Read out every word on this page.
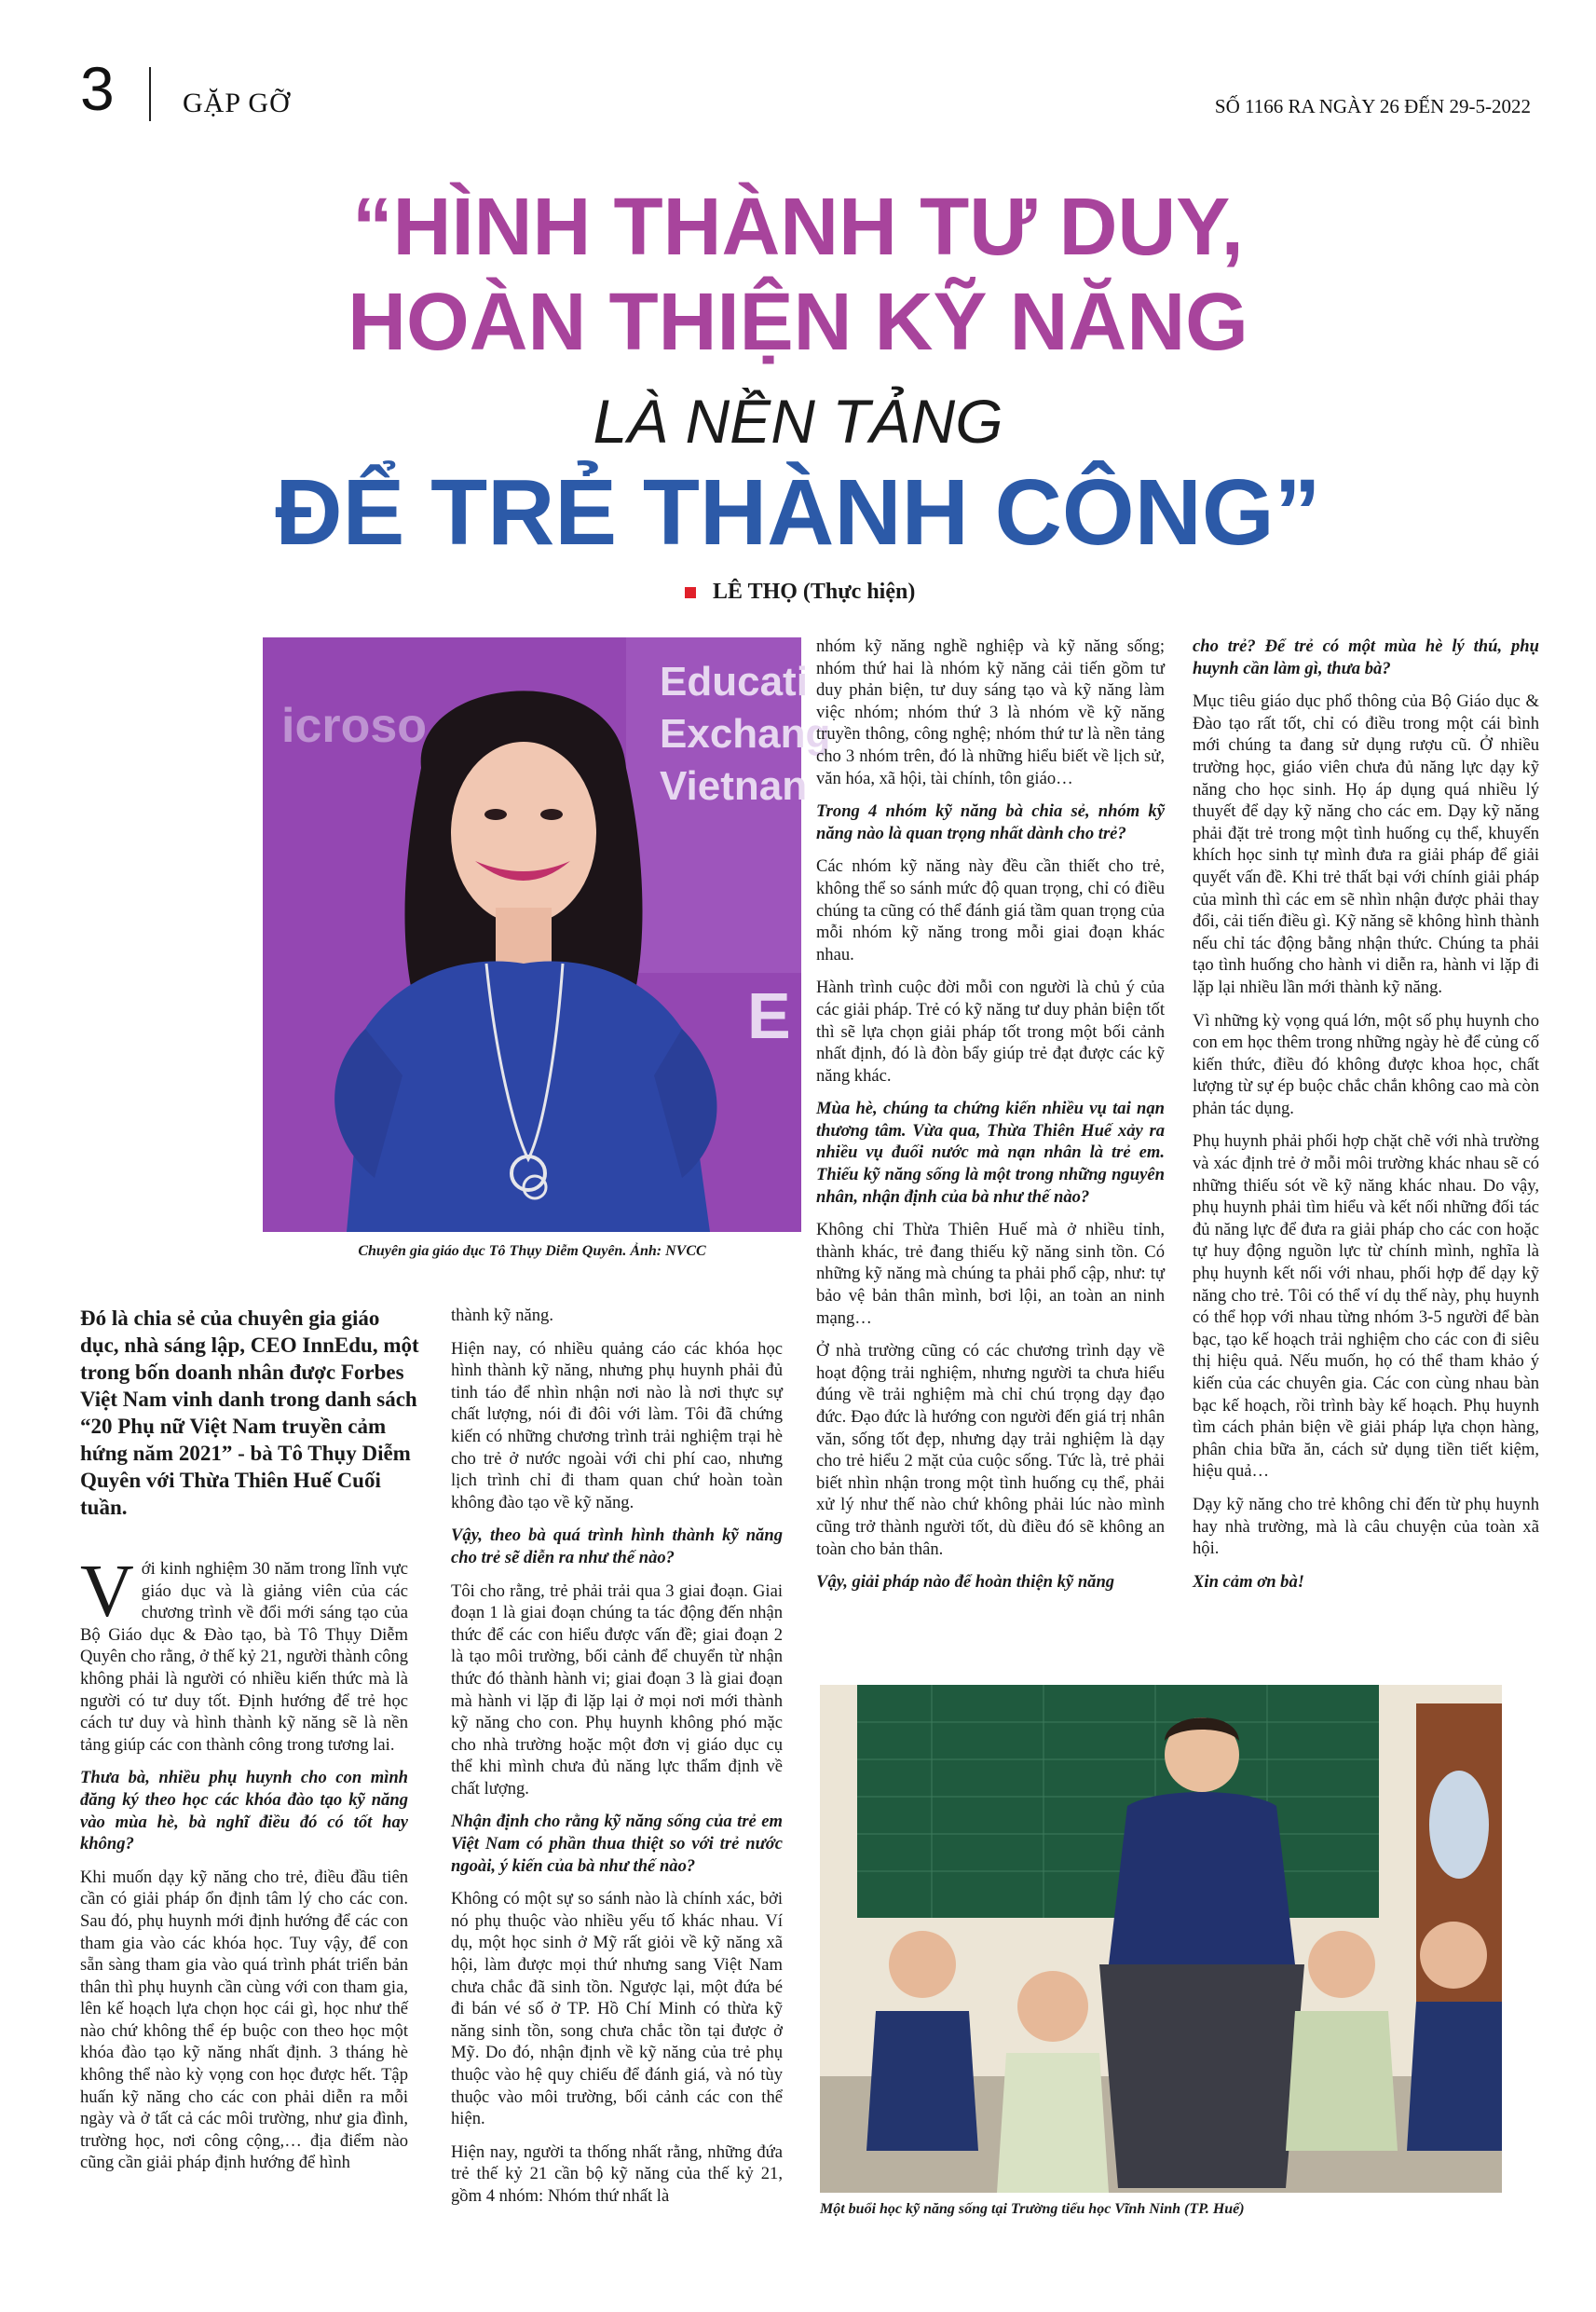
3 GẶP GỠ	SỐ 1166 RA NGÀY 26 ĐẾN 29-5-2022
“HÌNH THÀNH TƯ DUY,
HOÀN THIỆN KỸ NĂNG
LÀ NỀN TẢNG
ĐỂ TRẺ THÀNH CÔNG”
LÊ THỌ (Thực hiện)
icroso
Educati
Exchang
Vietnan
E
Chuyên gia giáo dục Tô Thụy Diễm Quyên. Ảnh: NVCC
Đó là chia sẻ của chuyên gia giáo dục, nhà sáng lập, CEO InnEdu, một trong bốn doanh nhân được Forbes Việt Nam vinh danh trong danh sách “20 Phụ nữ Việt Nam truyền cảm hứng năm 2021” - bà Tô Thụy Diễm Quyên với Thừa Thiên Huế Cuối tuần.

Với kinh nghiệm 30 năm trong lĩnh vực giáo dục và là giảng viên của các chương trình về đổi mới sáng tạo của Bộ Giáo dục & Đào tạo, bà Tô Thụy Diễm Quyên cho rằng, ở thế kỷ 21, người thành công không phải là người có nhiều kiến thức mà là người có tư duy tốt. Định hướng để trẻ học cách tư duy và hình thành kỹ năng sẽ là nền tảng giúp các con thành công trong tương lai.

Thưa bà, nhiều phụ huynh cho con mình đăng ký theo học các khóa đào tạo kỹ năng vào mùa hè, bà nghĩ điều đó có tốt hay không?

Khi muốn dạy kỹ năng cho trẻ, điều đầu tiên cần có giải pháp ổn định tâm lý cho các con. Sau đó, phụ huynh mới định hướng để các con tham gia vào các khóa học. Tuy vậy, để con sẵn sàng tham gia vào quá trình phát triển bản thân thì phụ huynh cần cùng với con tham gia, lên kế hoạch lựa chọn học cái gì, học như thế nào chứ không thể ép buộc con theo học một khóa đào tạo kỹ năng nhất định. 3 tháng hè không thể nào kỳ vọng con học được hết. Tập huấn kỹ năng cho các con phải diễn ra mỗi ngày và ở tất cả các môi trường, như gia đình, trường học, nơi công cộng,… địa điểm nào cũng cần giải pháp định hướng để hình

thành kỹ năng.

Hiện nay, có nhiều quảng cáo các khóa học hình thành kỹ năng, nhưng phụ huynh phải đủ tinh táo để nhìn nhận nơi nào là nơi thực sự chất lượng, nói đi đôi với làm. Tôi đã chứng kiến có những chương trình trải nghiệm trại hè cho trẻ ở nước ngoài với chi phí cao, nhưng lịch trình chỉ đi tham quan chứ hoàn toàn không đào tạo về kỹ năng.

Vậy, theo bà quá trình hình thành kỹ năng cho trẻ sẽ diễn ra như thế nào?

Tôi cho rằng, trẻ phải trải qua 3 giai đoạn. Giai đoạn 1 là giai đoạn chúng ta tác động đến nhận thức để các con hiểu được vấn đề; giai đoạn 2 là tạo môi trường, bối cảnh để chuyển từ nhận thức đó thành hành vi; giai đoạn 3 là giai đoạn mà hành vi lặp đi lặp lại ở mọi nơi mới thành kỹ năng cho con. Phụ huynh không phó mặc cho nhà trường hoặc một đơn vị giáo dục cụ thể khi mình chưa đủ năng lực thẩm định về chất lượng.

Nhận định cho rằng kỹ năng sống của trẻ em Việt Nam có phần thua thiệt so với trẻ nước ngoài, ý kiến của bà như thế nào?

Không có một sự so sánh nào là chính xác, bởi nó phụ thuộc vào nhiều yếu tố khác nhau. Ví dụ, một học sinh ở Mỹ rất giỏi về kỹ năng xã hội, làm được mọi thứ nhưng sang Việt Nam chưa chắc đã sinh tồn. Ngược lại, một đứa bé đi bán vé số ở TP. Hồ Chí Minh có thừa kỹ năng sinh tồn, song chưa chắc tồn tại được ở Mỹ. Do đó, nhận định về kỹ năng của trẻ phụ thuộc vào hệ quy chiếu để đánh giá, và nó tùy thuộc vào môi trường, bối cảnh các con thể hiện.

Hiện nay, người ta thống nhất rằng, những đứa trẻ thế kỷ 21 cần bộ kỹ năng của thế kỷ 21, gồm 4 nhóm: Nhóm thứ nhất là

nhóm kỹ năng nghề nghiệp và kỹ năng sống; nhóm thứ hai là nhóm kỹ năng cải tiến gồm tư duy phản biện, tư duy sáng tạo và kỹ năng làm việc nhóm; nhóm thứ 3 là nhóm về kỹ năng truyền thông, công nghệ; nhóm thứ tư là nền tảng cho 3 nhóm trên, đó là những hiểu biết về lịch sử, văn hóa, xã hội, tài chính, tôn giáo…

Trong 4 nhóm kỹ năng bà chia sẻ, nhóm kỹ năng nào là quan trọng nhất dành cho trẻ?

Các nhóm kỹ năng này đều cần thiết cho trẻ, không thể so sánh mức độ quan trọng, chỉ có điều chúng ta cũng có thể đánh giá tầm quan trọng của mỗi nhóm kỹ năng trong mỗi giai đoạn khác nhau.

Hành trình cuộc đời mỗi con người là chủ ý của các giải pháp. Trẻ có kỹ năng tư duy phản biện tốt thì sẽ lựa chọn giải pháp tốt trong một bối cảnh nhất định, đó là đòn bẩy giúp trẻ đạt được các kỹ năng khác.

Mùa hè, chúng ta chứng kiến nhiều vụ tai nạn thương tâm. Vừa qua, Thừa Thiên Huế xảy ra nhiều vụ đuối nước mà nạn nhân là trẻ em. Thiếu kỹ năng sống là một trong những nguyên nhân, nhận định của bà như thế nào?

Không chỉ Thừa Thiên Huế mà ở nhiều tỉnh, thành khác, trẻ đang thiếu kỹ năng sinh tồn. Có những kỹ năng mà chúng ta phải phổ cập, như: tự bảo vệ bản thân mình, bơi lội, an toàn an ninh mạng…

Ở nhà trường cũng có các chương trình dạy về hoạt động trải nghiệm, nhưng người ta chưa hiểu đúng về trải nghiệm mà chỉ chú trọng dạy đạo đức. Đạo đức là hướng con người đến giá trị nhân văn, sống tốt đẹp, nhưng dạy trải nghiệm là dạy cho trẻ hiểu 2 mặt của cuộc sống. Tức là, trẻ phải biết nhìn nhận trong một tình huống cụ thể, phải xử lý như thế nào chứ không phải lúc nào mình cũng trở thành người tốt, dù điều đó sẽ không an toàn cho bản thân.

Vậy, giải pháp nào để hoàn thiện kỹ năng

cho trẻ? Để trẻ có một mùa hè lý thú, phụ huynh cần làm gì, thưa bà?

Mục tiêu giáo dục phổ thông của Bộ Giáo dục & Đào tạo rất tốt, chỉ có điều trong một cái bình mới chúng ta đang sử dụng rượu cũ. Ở nhiều trường học, giáo viên chưa đủ năng lực dạy kỹ năng cho học sinh. Họ áp dụng quá nhiều lý thuyết để dạy kỹ năng cho các em. Dạy kỹ năng phải đặt trẻ trong một tình huống cụ thể, khuyến khích học sinh tự mình đưa ra giải pháp để giải quyết vấn đề. Khi trẻ thất bại với chính giải pháp của mình thì các em sẽ nhìn nhận được phải thay đổi, cải tiến điều gì. Kỹ năng sẽ không hình thành nếu chỉ tác động bằng nhận thức. Chúng ta phải tạo tình huống cho hành vi diễn ra, hành vi lặp đi lặp lại nhiều lần mới thành kỹ năng.

Vì những kỳ vọng quá lớn, một số phụ huynh cho con em học thêm trong những ngày hè để củng cố kiến thức, điều đó không được khoa học, chất lượng từ sự ép buộc chắc chắn không cao mà còn phản tác dụng.

Phụ huynh phải phối hợp chặt chẽ với nhà trường và xác định trẻ ở mỗi môi trường khác nhau sẽ có những thiếu sót về kỹ năng khác nhau. Do vậy, phụ huynh phải tìm hiểu và kết nối những đối tác đủ năng lực để đưa ra giải pháp cho các con hoặc tự huy động nguồn lực từ chính mình, nghĩa là phụ huynh kết nối với nhau, phối hợp để dạy kỹ năng cho trẻ. Tôi có thể ví dụ thế này, phụ huynh có thể họp với nhau từng nhóm 3-5 người để bàn bạc, tạo kế hoạch trải nghiệm cho các con đi siêu thị hiệu quả. Nếu muốn, họ có thể tham khảo ý kiến của các chuyên gia. Các con cùng nhau bàn bạc kế hoạch, rồi trình bày kế hoạch. Phụ huynh tìm cách phản biện về giải pháp lựa chọn hàng, phân chia bữa ăn, cách sử dụng tiền tiết kiệm, hiệu quả…

Dạy kỹ năng cho trẻ không chỉ đến từ phụ huynh hay nhà trường, mà là câu chuyện của toàn xã hội.

Xin cảm ơn bà!

Một buổi học kỹ năng sống tại Trường tiểu học Vĩnh Ninh (TP. Huế)
